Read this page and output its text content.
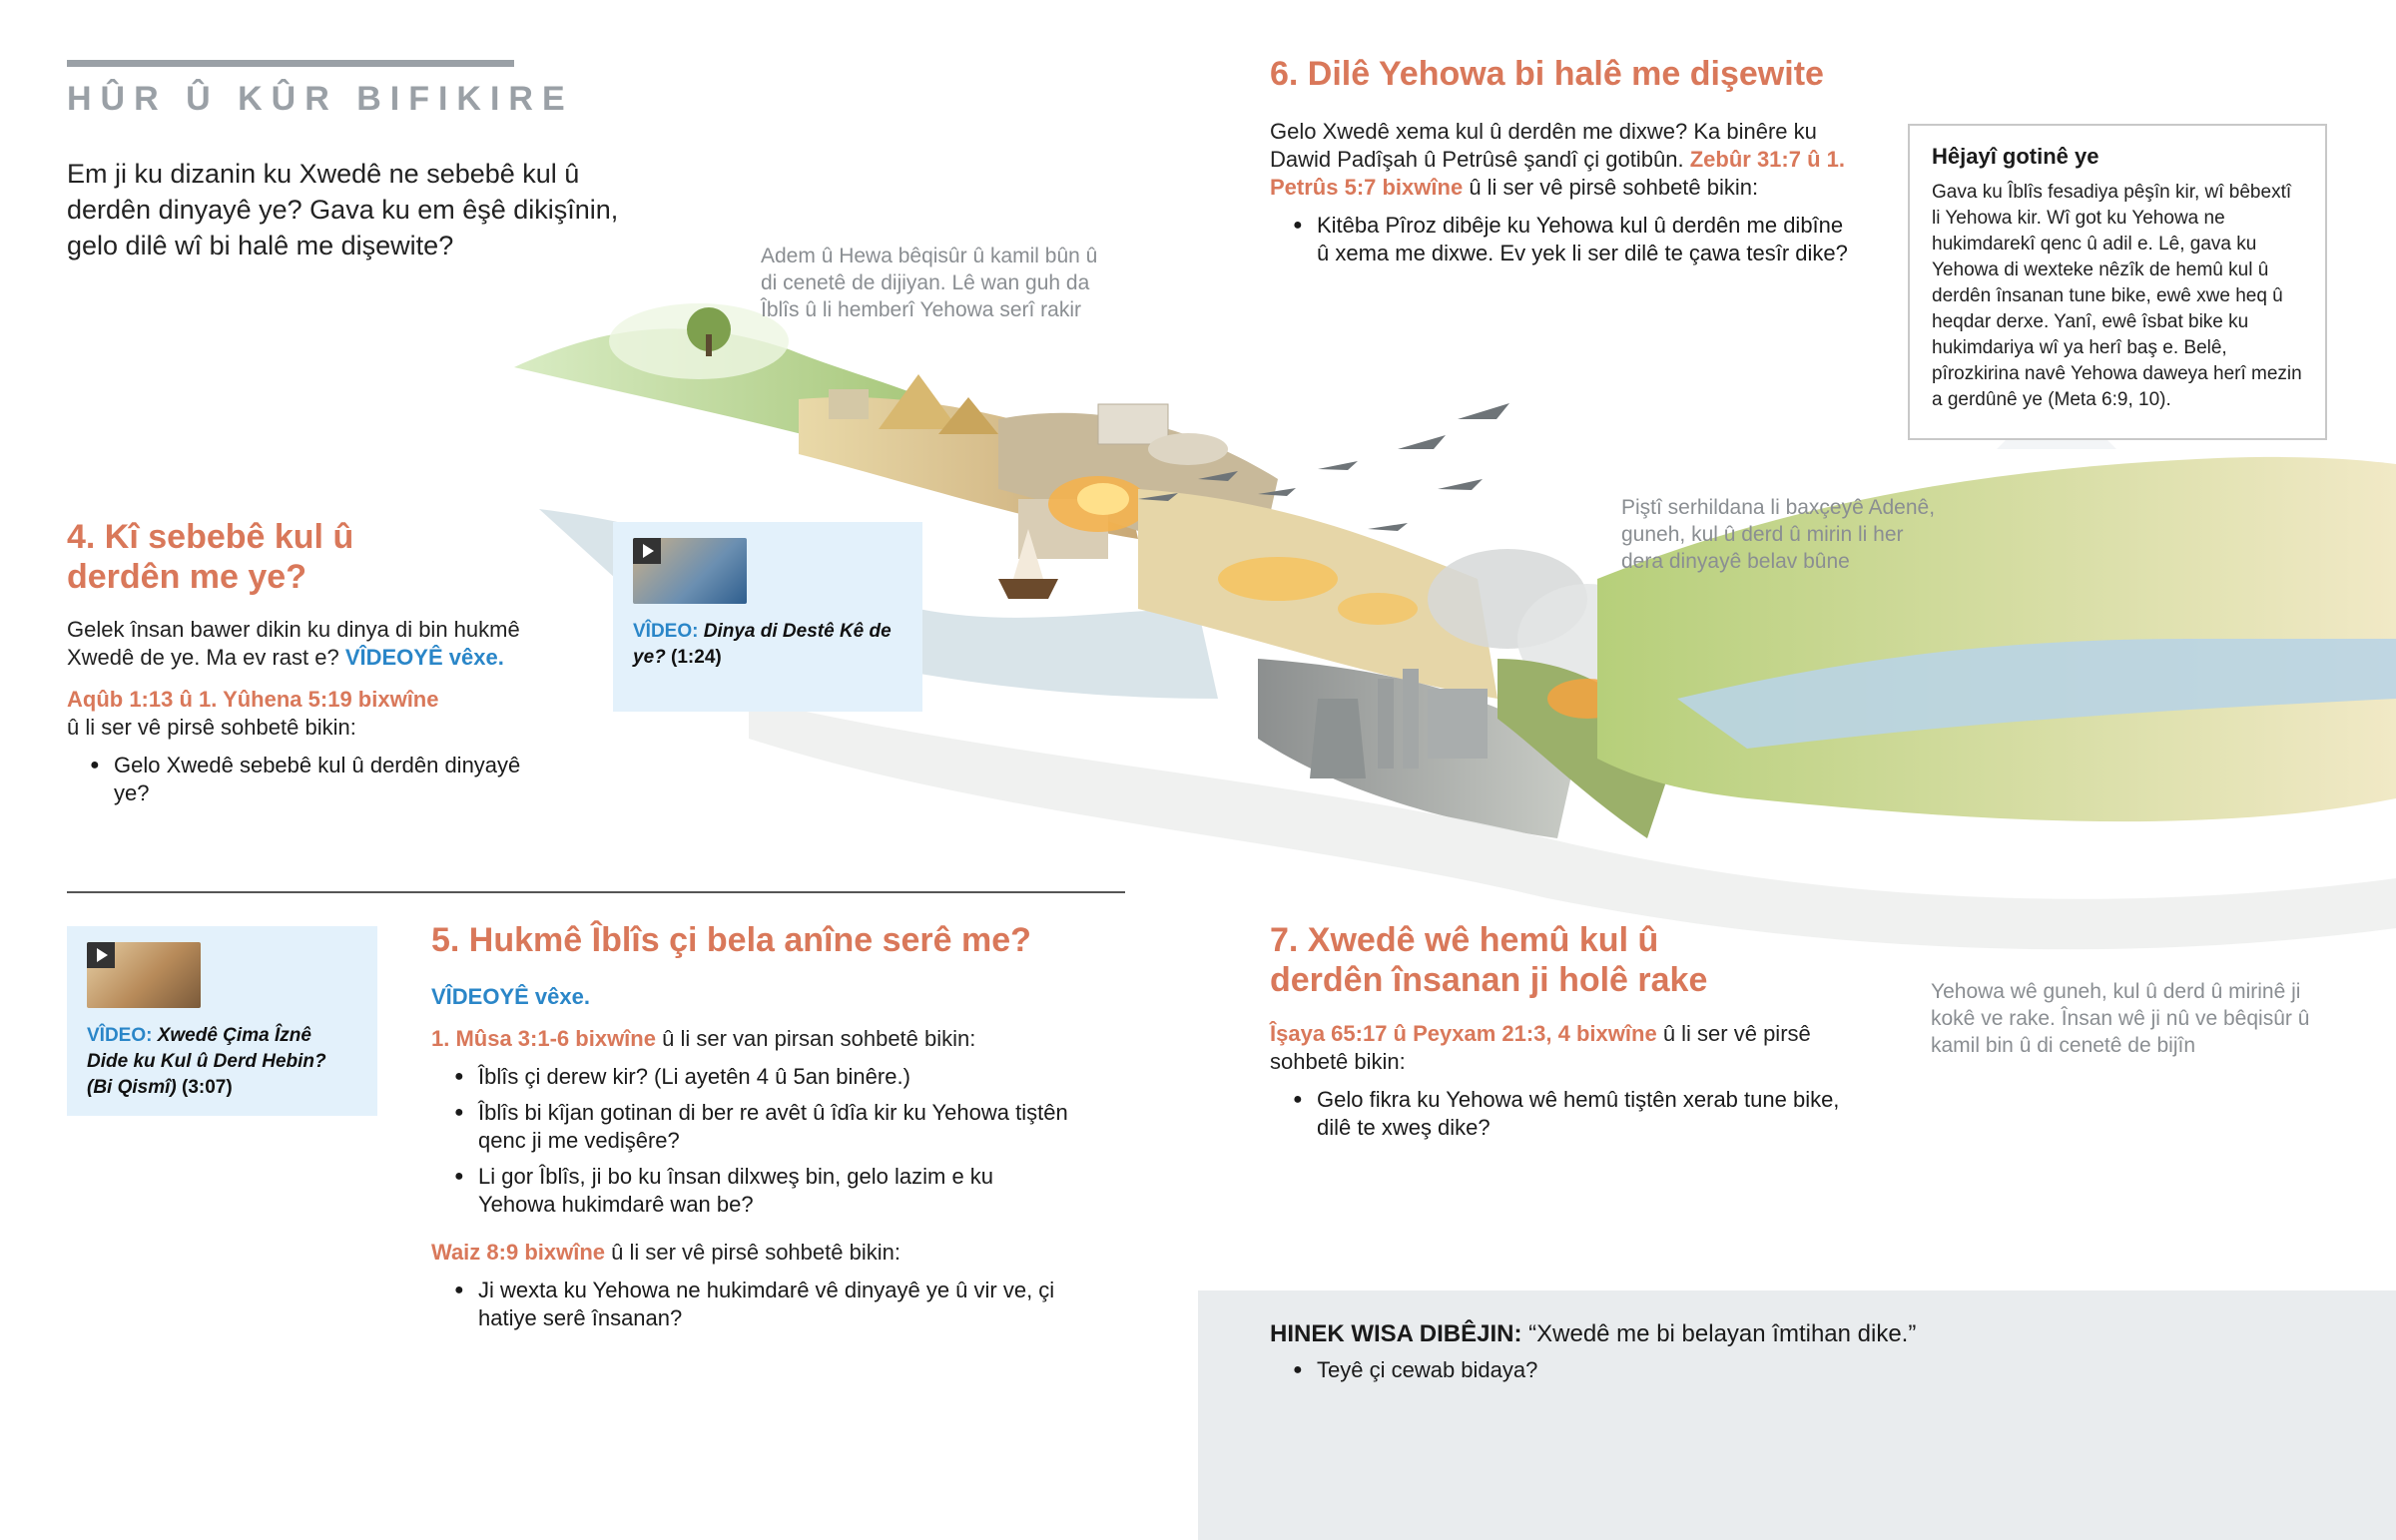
HÛR Û KÛR BIFIKIRE
Em ji ku dizanin ku Xwedê ne sebebê kul û derdên dinyayê ye? Gava ku em êşê dikişînin, gelo dilê wî bi halê me dişewite?	Adem û Hewa bêqisûr û kamil bûn û di cenetê de dijiyan. Lê wan guh da Îblîs û li hemberî Yehowa serî rakir
Piştî serhildana li baxçeyê Adenê, guneh, kul û derd û mirin li her dera dinyayê belav bûne
Yehowa wê guneh, kul û derd û mirinê ji kokê ve rake. Însan wê ji nû ve bêqisûr û kamil bin û di cenetê de bijîn
4. Kî sebebê kul û derdên me ye?
Gelek însan bawer dikin ku dinya di bin hukmê Xwedê de ye. Ma ev rast e? VÎDEOYÊ vêxe.
Aqûb 1:13 û 1. Yûhena 5:19 bixwîne
û li ser vê pirsê sohbetê bikin:
● Gelo Xwedê sebebê kul û derdên dinyayê ye?
VÎDEO: Dinya di Destê Kê de ye? (1:24)
VÎDEO: Xwedê Çima Îznê Dide ku Kul û Derd Hebin? (Bi Qismî) (3:07)
5. Hukmê Îblîs çi bela anîne serê me?
VÎDEOYÊ vêxe.
1. Mûsa 3:1-6 bixwîne û li ser van pirsan sohbetê bikin:
● Îblîs çi derew kir? (Li ayetên 4 û 5an binêre.)
● Îblîs bi kîjan gotinan di ber re avêt û îdîa kir ku Yehowa tiştên qenc ji me vedişêre?
● Li gor Îblîs, ji bo ku însan dilxweş bin, gelo lazim e ku Yehowa hukimdarê wan be?
Waiz 8:9 bixwîne û li ser vê pirsê sohbetê bikin:
● Ji wexta ku Yehowa ne hukimdarê vê dinyayê ye û vir ve, çi hatiye serê însanan?
6. Dilê Yehowa bi halê me dişewite
Gelo Xwedê xema kul û derdên me dixwe? Ka binêre ku Dawid Padîşah û Petrûsê şandî çi gotibûn. Zebûr 31:7 û 1. Petrûs 5:7 bixwîne û li ser vê pirsê sohbetê bikin:
● Kitêba Pîroz dibêje ku Yehowa kul û derdên me dibîne û xema me dixwe. Ev yek li ser dilê te çawa tesîr dike?
Hêjayî gotinê ye

Gava ku Îblîs fesadiya pêşîn kir, wî bêbextî li Yehowa kir. Wî got ku Yehowa ne hukimdarekî qenc û adil e. Lê, gava ku Yehowa di wexteke nêzîk de hemû kul û derdên însanan tune bike, ewê xwe heq û heqdar derxe. Yanî, ewê îsbat bike ku hukimdariya wî ya herî baş e. Belê, pîrozkirina navê Yehowa daweya herî mezin a gerdûnê ye (Meta 6:9, 10).

7. Xwedê wê hemû kul û derdên însanan ji holê rake
Îşaya 65:17 û Peyxam 21:3, 4 bixwîne û li ser vê pirsê sohbetê bikin:
● Gelo fikra ku Yehowa wê hemû tiştên xerab tune bike, dilê te xweş dike?
HINEK WISA DIBÊJIN: “Xwedê me bi belayan îmtihan dike.”
● Teyê çi cewab bidaya?
